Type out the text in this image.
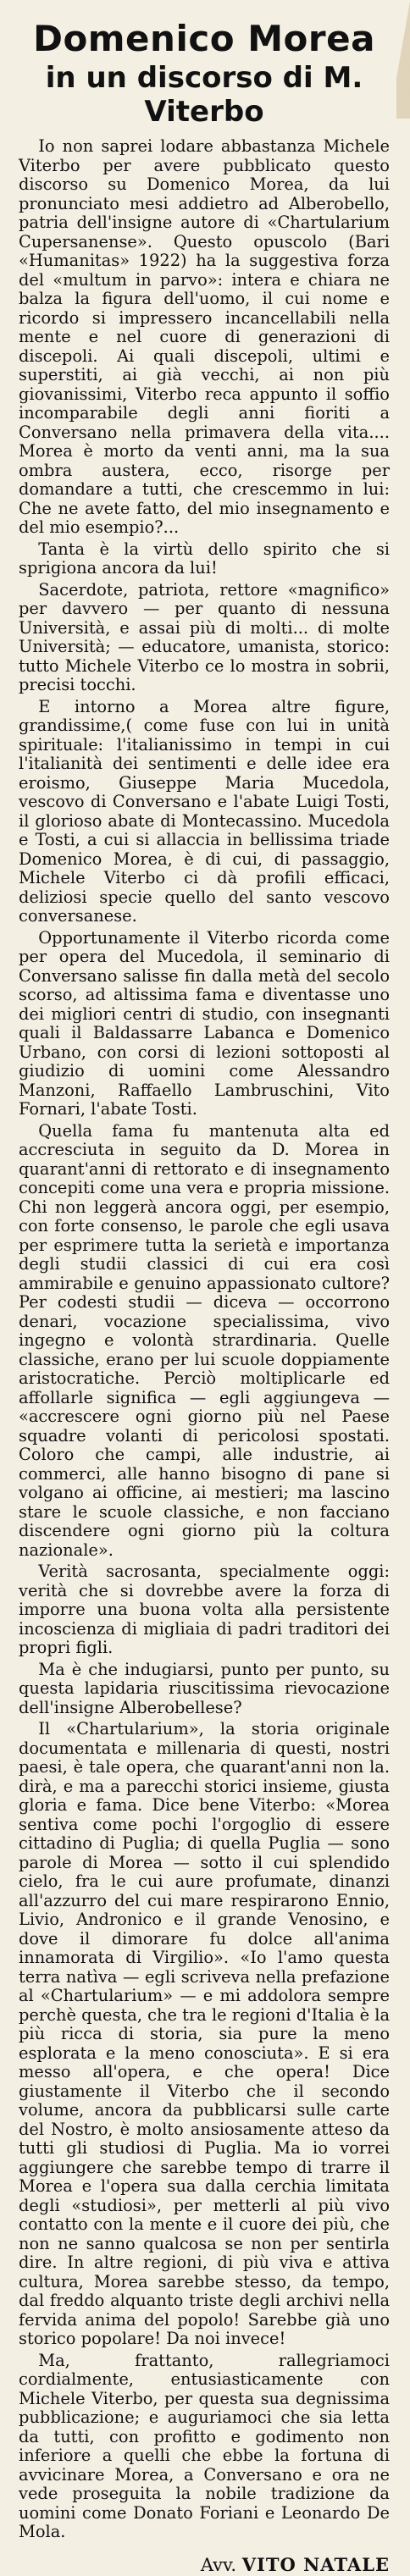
Domenico Morea
in un discorso di M. Viterbo

Io non saprei lodare abbastanza Michele Viterbo per avere pubblicato questo discorso su Domenico Morea, da lui pronunciato mesi addietro ad Alberobello, patria dell'insigne autore di «Chartularium Cupersanense». Questo opuscolo (Bari «Humanitas» 1922) ha la suggestiva forza del «multum in parvo»: intera e chiara ne balza la figura dell'uomo, il cui nome e ricordo si impressero incancellabili nella mente e nel cuore di generazioni di discepoli. Ai quali discepoli, ultimi e superstiti, ai già vecchi, ai non più giovanissimi, Viterbo reca appunto il soffio incomparabile degli anni fioriti a Conversano nella primavera della vita.... Morea è morto da venti anni, ma la sua ombra austera, ecco, risorge per domandare a tutti, che crescemmo in lui: Che ne avete fatto, del mio insegnamento e del mio esempio?...

Tanta è la virtù dello spirito che si sprigiona ancora da lui!

Sacerdote, patriota, rettore «magnifico» per davvero — per quanto di nessuna Università, e assai più di molti... di molte Università; — educatore, umanista, storico: tutto Michele Viterbo ce lo mostra in sobrii, precisi tocchi.

E intorno a Morea altre figure, grandissime,( come fuse con lui in unità spirituale: l'italianissimo in tempi in cui l'italianità dei sentimenti e delle idee era eroismo, Giuseppe Maria Mucedola, vescovo di Conversano e l'abate Luigi Tosti, il glorioso abate di Montecassino. Mucedola e Tosti, a cui si allaccia in bellissima triade Domenico Morea, è di cui, di passaggio, Michele Viterbo ci dà profili efficaci, deliziosi specie quello del santo vescovo conversanese.

Opportunamente il Viterbo ricorda come per opera del Mucedola, il seminario di Conversano salisse fin dalla metà del secolo scorso, ad altissima fama e diventasse uno dei migliori centri di studio, con insegnanti quali il Baldassarre Labanca e Domenico Urbano, con corsi di lezioni sottoposti al giudizio di uomini come Alessandro Manzoni, Raffaello Lambruschini, Vito Fornari, l'abate Tosti.

Quella fama fu mantenuta alta ed accresciuta in seguito da D. Morea in quarant'anni di rettorato e di insegnamento concepiti come una vera e propria missione. Chi non leggerà ancora oggi, per esempio, con forte consenso, le parole che egli usava per esprimere tutta la serietà e importanza degli studii classici di cui era così ammirabile e genuino appassionato cultore? Per codesti studii — diceva — occorrono denari, vocazione specialissima, vivo ingegno e volontà strardinaria. Quelle classiche, erano per lui scuole doppiamente aristocratiche. Perciò moltiplicarle ed affollarle significa — egli aggiungeva — «accrescere ogni giorno più nel Paese squadre volanti di pericolosi spostati. Coloro che campi, alle industrie, ai commerci, alle hanno bisogno di pane si volgano ai officine, ai mestieri; ma lascino stare le scuole classiche, e non facciano discendere ogni giorno più la coltura nazionale».

Verità sacrosanta, specialmente oggi: verità che si dovrebbe avere la forza di imporre una buona volta alla persistente incoscienza di migliaia di padri traditori dei propri figli.

Ma è che indugiarsi, punto per punto, su questa lapidaria riuscitissima rievocazione dell'insigne Alberobellese?

Il «Chartularium», la storia originale documentata e millenaria di questi, nostri paesi, è tale opera, che quarant'anni non la. dirà, e ma a parecchi storici insieme, giusta gloria e fama. Dice bene Viterbo: «Morea sentiva come pochi l'orgoglio di essere cittadino di Puglia; di quella Puglia — sono parole di Morea — sotto il cui splendido cielo, fra le cui aure profumate, dinanzi all'azzurro del cui mare respirarono Ennio, Livio, Andronico e il grande Venosino, e dove il dimorare fu dolce all'anima innamorata di Virgilio». «Io l'amo questa terra natìva — egli scriveva nella prefazione al «Chartularium» — e mi addolora sempre perchè questa, che tra le regioni d'Italia è la più ricca di storia, sia pure la meno esplorata e la meno conosciuta». E si era messo all'opera, e che opera! Dice giustamente il Viterbo che il secondo volume, ancora da pubblicarsi sulle carte del Nostro, è molto ansiosamente atteso da tutti gli studiosi di Puglia. Ma io vorrei aggiungere che sarebbe tempo di trarre il Morea e l'opera sua dalla cerchia limitata degli «studiosi», per metterli al più vivo contatto con la mente e il cuore dei più, che non ne sanno qualcosa se non per sentirla dire. In altre regioni, di più viva e attiva cultura, Morea sarebbe stesso, da tempo, dal freddo alquanto triste degli archivi nella fervida anima del popolo! Sarebbe già uno storico popolare! Da noi invece!

Ma, frattanto, rallegriamoci cordialmente, entusiasticamente con Michele Viterbo, per questa sua degnissima pubblicazione; e auguriamoci che sia letta da tutti, con profitto e godimento non inferiore a quelli che ebbe la fortuna di avvicinare Morea, a Conversano e ora ne vede proseguita la nobile tradizione da uomini come Donato Foriani e Leonardo De Mola.

Avv. VITO NATALE
